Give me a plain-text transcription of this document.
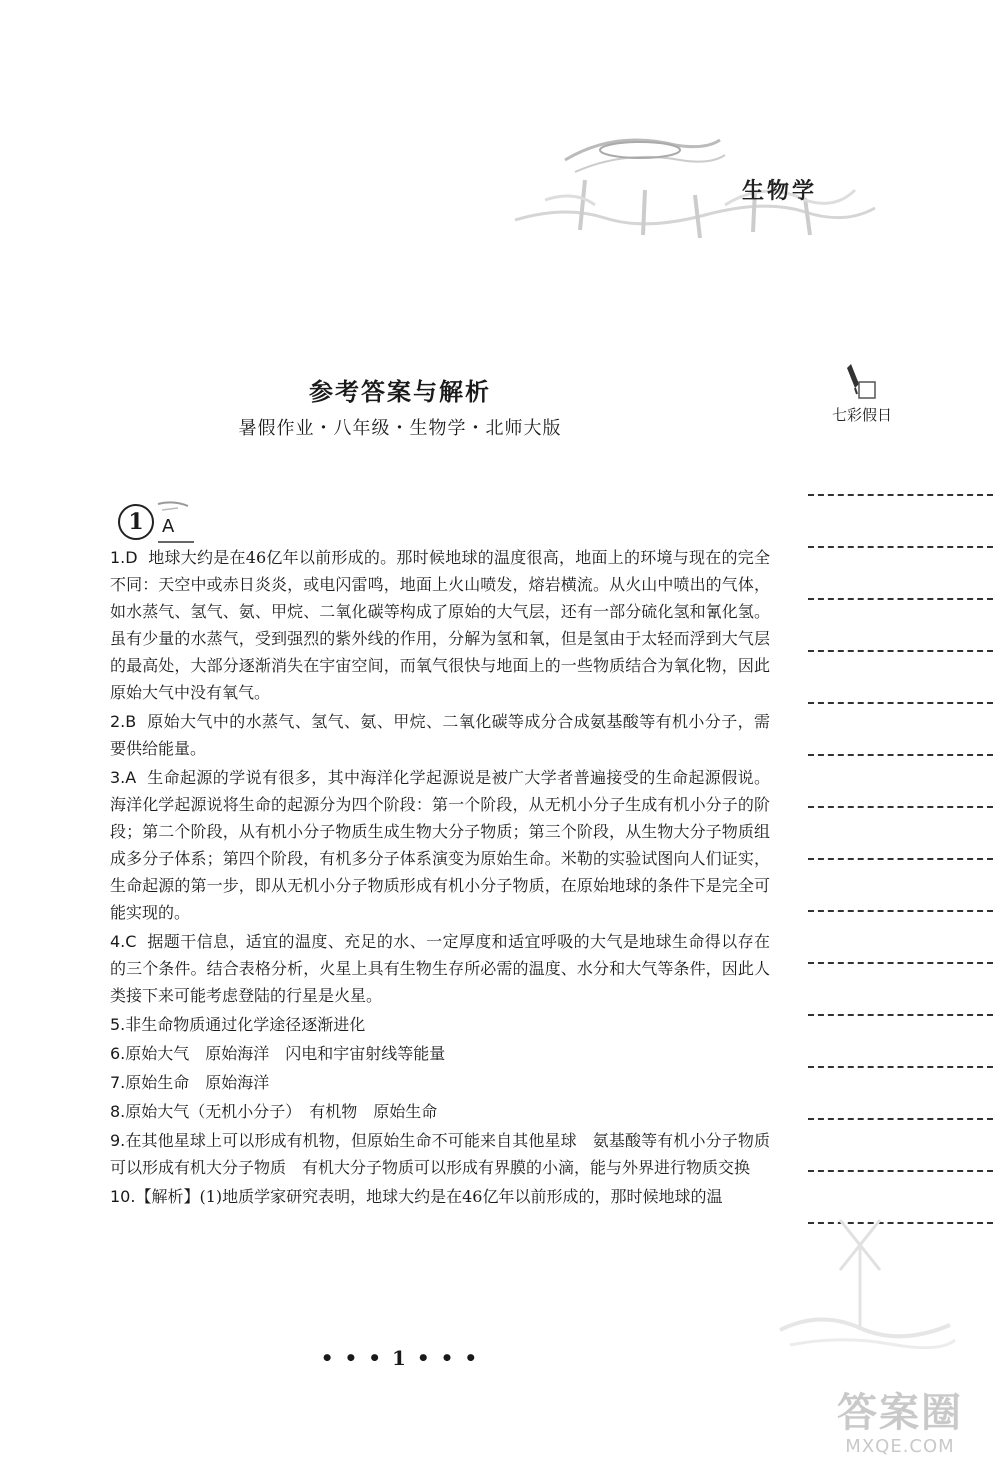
生物学
七彩假日
参考答案与解析
暑假作业・八年级・生物学・北师大版
1	A
1.D 地球大约是在46亿年以前形成的。那时候地球的温度很高，地面上的环境与现在的完全不同：天空中或赤日炎炎，或电闪雷鸣，地面上火山喷发，熔岩横流。从火山中喷出的气体，如水蒸气、氢气、氨、甲烷、二氧化碳等构成了原始的大气层，还有一部分硫化氢和氰化氢。虽有少量的水蒸气，受到强烈的紫外线的作用，分解为氢和氧，但是氢由于太轻而浮到大气层的最高处，大部分逐渐消失在宇宙空间，而氧气很快与地面上的一些物质结合为氧化物，因此原始大气中没有氧气。
2.B 原始大气中的水蒸气、氢气、氨、甲烷、二氧化碳等成分合成氨基酸等有机小分子，需要供给能量。
3.A 生命起源的学说有很多，其中海洋化学起源说是被广大学者普遍接受的生命起源假说。海洋化学起源说将生命的起源分为四个阶段：第一个阶段，从无机小分子生成有机小分子的阶段；第二个阶段，从有机小分子物质生成生物大分子物质；第三个阶段，从生物大分子物质组成多分子体系；第四个阶段，有机多分子体系演变为原始生命。米勒的实验试图向人们证实，生命起源的第一步，即从无机小分子物质形成有机小分子物质，在原始地球的条件下是完全可能实现的。
4.C 据题干信息，适宜的温度、充足的水、一定厚度和适宜呼吸的大气是地球生命得以存在的三个条件。结合表格分析，火星上具有生物生存所必需的温度、水分和大气等条件，因此人类接下来可能考虑登陆的行星是火星。
5.非生命物质通过化学途径逐渐进化
6.原始大气　原始海洋　闪电和宇宙射线等能量
7.原始生命　原始海洋
8.原始大气（无机小分子）　有机物　原始生命
9.在其他星球上可以形成有机物，但原始生命不可能来自其他星球　氨基酸等有机小分子物质可以形成有机大分子物质　有机大分子物质可以形成有界膜的小滴，能与外界进行物质交换
10.【解析】(1)地质学家研究表明，地球大约是在46亿年以前形成的，那时候地球的温
• • • 1 • • •
答案圈
MXQE.COM
